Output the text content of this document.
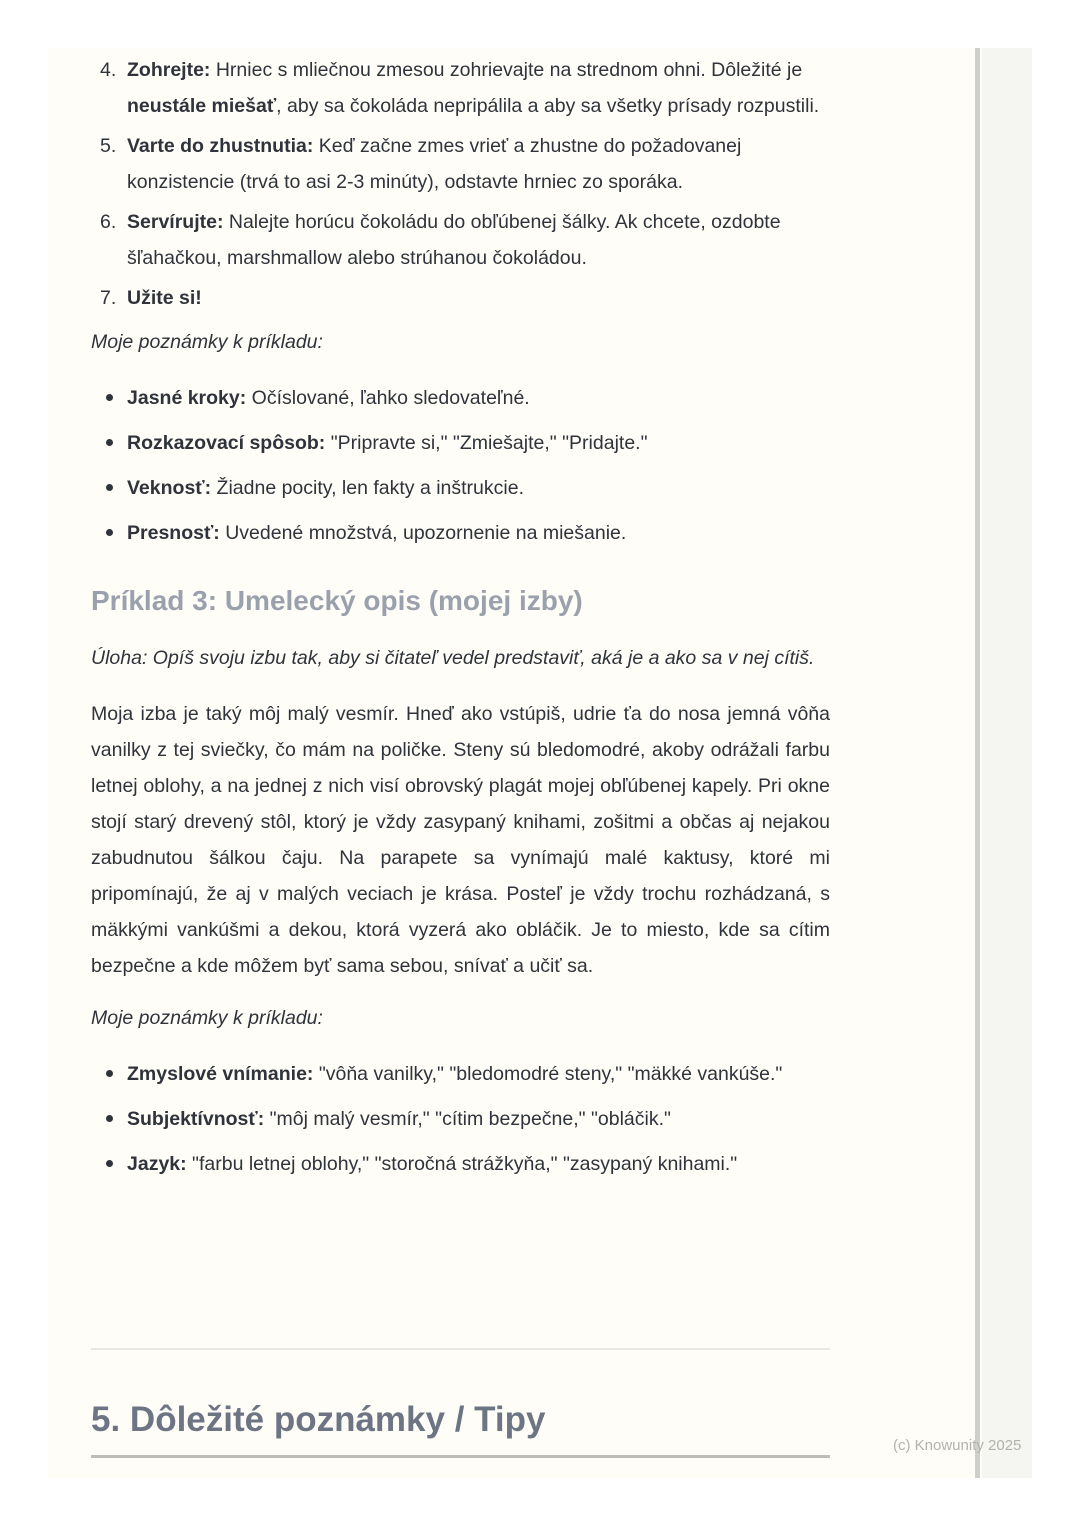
4. Zohrejte: Hrniec s mliečnou zmesou zohrievajte na strednom ohni. Dôležité je neustále miešať, aby sa čokoláda nepripálila a aby sa všetky prísady rozpustili.
5. Varte do zhustnutia: Keď začne zmes vrieť a zhustne do požadovanej konzistencie (trvá to asi 2-3 minúty), odstavte hrniec zo sporáka.
6. Servírujte: Nalejte horúcu čokoládu do obľúbenej šálky. Ak chcete, ozdobte šľahačkou, marshmallow alebo strúhanou čokoládou.
7. Užite si!
Moje poznámky k príkladu:
Jasné kroky: Očíslované, ľahko sledovateľné.
Rozkazovací spôsob: "Pripravte si," "Zmiešajte," "Pridajte."
Veknosť: Žiadne pocity, len fakty a inštrukcie.
Presnosť: Uvedené množstvá, upozornenie na miešanie.
Príklad 3: Umelecký opis (mojej izby)
Úloha: Opíš svoju izbu tak, aby si čitateľ vedel predstaviť, aká je a ako sa v nej cítiš.

Moja izba je taký môj malý vesmír. Hneď ako vstúpiš, udrie ťa do nosa jemná vôňa vanilky z tej sviečky, čo mám na poličke. Steny sú bledomodré, akoby odrážali farbu letnej oblohy, a na jednej z nich visí obrovský plagát mojej obľúbenej kapely. Pri okne stojí starý drevený stôl, ktorý je vždy zasypaný knihami, zošitmi a občas aj nejakou zabudnutou šálkou čaju. Na parapete sa vynímajú malé kaktusy, ktoré mi pripomínajú, že aj v malých veciach je krása. Posteľ je vždy trochu rozhádzaná, s mäkkými vankúšmi a dekou, ktorá vyzerá ako obláčik. Je to miesto, kde sa cítim bezpečne a kde môžem byť sama sebou, snívať a učiť sa.

Moje poznámky k príkladu:
Zmyslové vnímanie: "vôňa vanilky," "bledomodré steny," "mäkké vankúše."
Subjektívnosť: "môj malý vesmír," "cítim bezpečne," "obláčik."
Jazyk: "farbu letnej oblohy," "storočná strážkyňa," "zasypaný knihami."
5. Dôležité poznámky / Tipy
(c) Knowunity 2025
